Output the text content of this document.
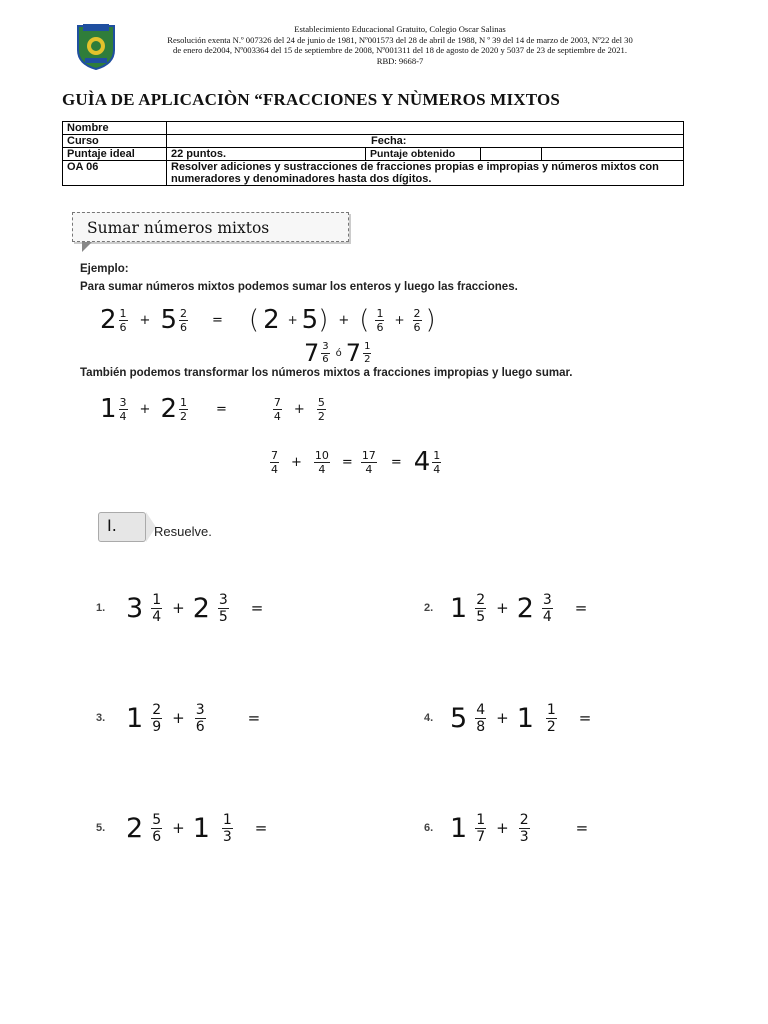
Establecimiento Educacional Gratuito, Colegio Oscar Salinas
Resolución exenta N.º 007326 del 24 de junio de 1981, Nº001573 del 28 de abril de 1988, N º 39 del 14 de marzo de 2003, Nº22 del 30
de enero de2004, Nº003364 del 15 de septiembre de 2008, Nº001311 del 18 de agosto de 2020 y 5037 de 23 de septiembre de 2021.
RBD: 9668-7
GUÌA DE APLICACIÒN “FRACCIONES Y NÙMEROS MIXTOS
Nombre	
Curso	Fecha:
Puntaje ideal	22 puntos. Puntaje obtenido

OA 06	Resolver adiciones y sustracciones de fracciones propias e impropias y números mixtos con numeradores y denominadores hasta dos dígitos.
Sumar números mixtos
Ejemplo:
Para sumar números mixtos podemos sumar los enteros y luego las fracciones.
2 1
$6 + 5 \frac{2}{6}$ = ( 2 + 5 ) + ( 1
$6 + \frac{2}{6}$ )
7 3
6
ó 7 1
2
También podemos transformar los números mixtos a fracciones impropias y luego sumar.
1 3
$4 + 2 \frac{1}{2}$ =	$\frac{7}{4} + \frac{5}{2}$
7
$4 + \frac{10}{4} = \frac{17}{4} = 4$ 1
4
I.	Resuelve.
1. 3 1
$4 + 2 \frac{3}{5}$ =	2. 1 2
$5 + 2 \frac{3}{4}$ =
3. 1 2
$9 + \frac{3}{6}$	=	4. 5 4
$8 + 1 \frac{1}{2}$ =
5. 2 5
$6 + 1 \frac{1}{3}$ =	6. 1 1
$7 + \frac{2}{3}$	=
